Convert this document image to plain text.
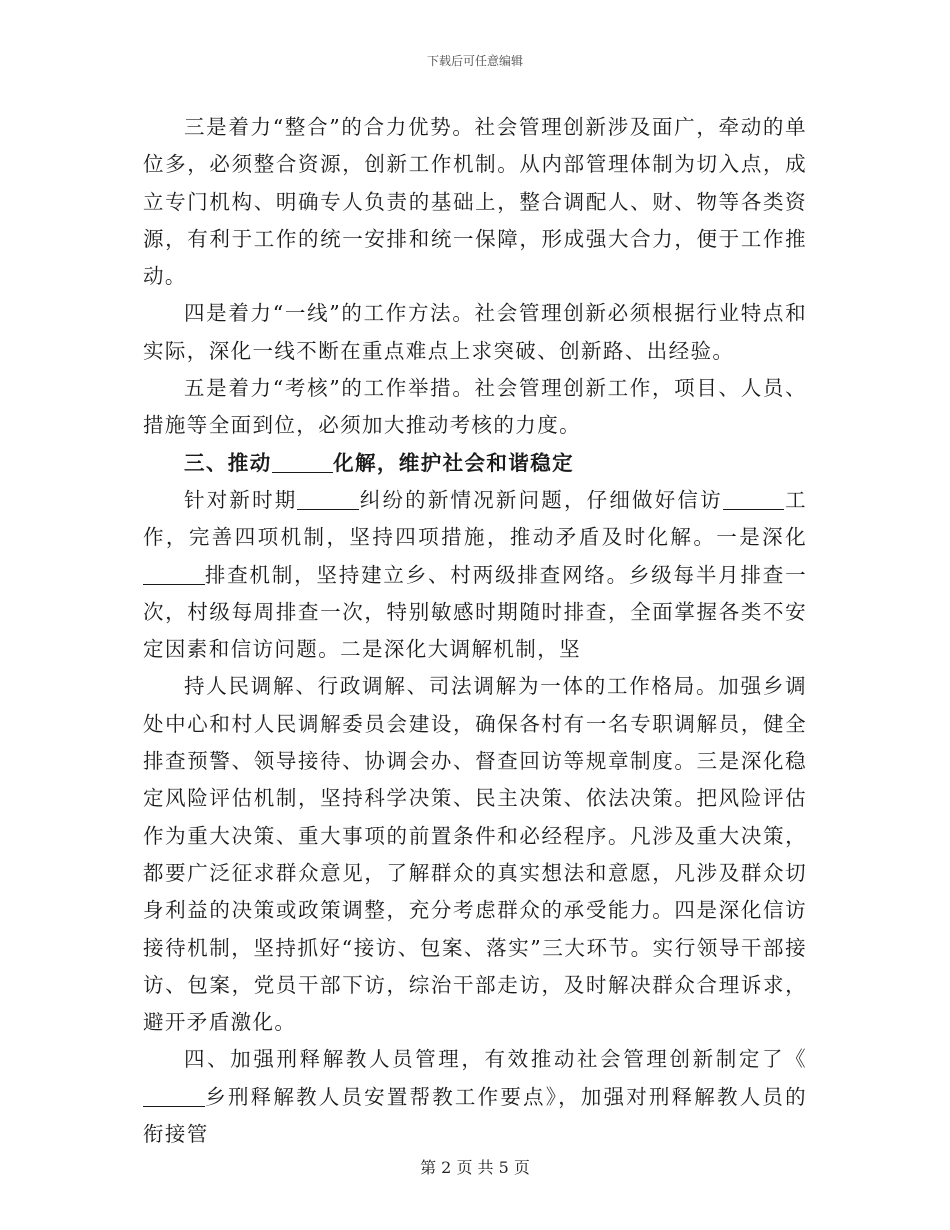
下载后可任意编辑

三是着力“整合”的合力优势。社会管理创新涉及面广，牵动的单位多，必须整合资源，创新工作机制。从内部管理体制为切入点，成立专门机构、明确专人负责的基础上，整合调配人、财、物等各类资源，有利于工作的统一安排和统一保障，形成强大合力，便于工作推动。

四是着力“一线”的工作方法。社会管理创新必须根据行业特点和实际，深化一线不断在重点难点上求突破、创新路、出经验。

五是着力“考核”的工作举措。社会管理创新工作，项目、人员、措施等全面到位，必须加大推动考核的力度。

三、推动	化解，维护社会和谐稳定

针对新时期	纠纷的新情况新问题，仔细做好信访	工作，完善四项机制，坚持四项措施，推动矛盾及时化解。一是深化排查机制，坚持建立乡、村两级排查网络。乡级每半月排查一次，村级每周排查一次，特别敏感时期随时排查，全面掌握各类不安定因素和信访问题。二是深化大调解机制，坚

持人民调解、行政调解、司法调解为一体的工作格局。加强乡调处中心和村人民调解委员会建设，确保各村有一名专职调解员，健全排查预警、领导接待、协调会办、督查回访等规章制度。三是深化稳定风险评估机制，坚持科学决策、民主决策、依法决策。把风险评估作为重大决策、重大事项的前置条件和必经程序。凡涉及重大决策，都要广泛征求群众意见，了解群众的真实想法和意愿，凡涉及群众切身利益的决策或政策调整，充分考虑群众的承受能力。四是深化信访接待机制，坚持抓好“接访、包案、落实”三大环节。实行领导干部接访、包案，党员干部下访，综治干部走访，及时解决群众合理诉求，避开矛盾激化。

四、加强刑释解教人员管理，有效推动社会管理创新制定了《乡刑释解教人员安置帮教工作要点》，加强对刑释解教人员的衔接管

第 2 页 共 5 页
